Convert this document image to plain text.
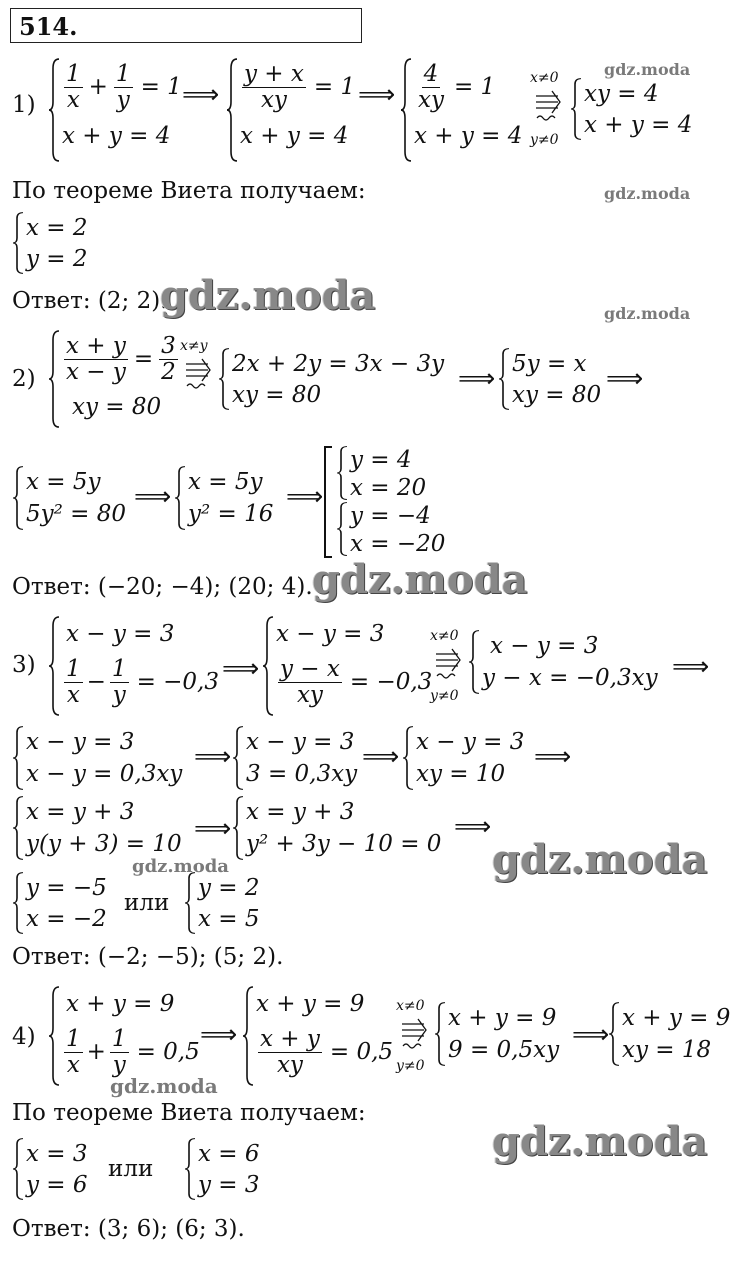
514.
gdz.moda
gdz.moda
gdz.moda
$1) \frac{1}{x} + \frac{1}{y} = 1$
x + y = 4
⟹ $\frac{y + x}{xy} = 1$
x + y = 4
⟹ $\frac{4}{xy} = 1$
x + y = 4
x≠0
y≠0
xy = 4
x + y = 4
По теореме Виета получаем:
x = 2
y = 2
Ответ: (2; 2).
gdz.moda
$2) \frac{x + y}{x - y} = \frac{3}{2}$
xy = 80
x≠y
2x + 2y = 3x − 3y
xy = 80
⟹
5y = x
xy = 80
⟹
x = 5y
5y² = 80
⟹ x = 5y
y² = 16
⟹
y = 4
x = 20
y = −4
x = −20
Ответ: (−20; −4); (20; 4). gdz.moda
3)
x − y = 3
$\frac{1}{x} - \frac{1}{y} = -0,3$ ⟹
x − y = 3
$\frac{y - x}{xy} = -0,3$
x≠0
y≠0
x − y = 3
y − x = −0,3xy ⟹
x − y = 3
x − y = 0,3xy
⟹ x − y = 3
3 = 0,3xy
⟹ x − y = 3
xy = 10
⟹
x = y + 3
y(y + 3) = 10 ⟹
x = y + 3
y² + 3y − 10 = 0
⟹
gdz.moda
gdz.moda
y = −5
x = −2
или
y = 2
x = 5
Ответ: (−2; −5); (5; 2).
4)
x + y = 9
$\frac{1}{x} + \frac{1}{y} = 0,5$
⟹
x + y = 9
$\frac{x + y}{xy} = 0,5$
x≠0
y≠0
x + y = 9
9 = 0,5xy ⟹
x + y = 9
xy = 18
gdz.moda
По теореме Виета получаем:
gdz.moda
x = 3
y = 6
или
x = 6
y = 3
Ответ: (3; 6); (6; 3).
